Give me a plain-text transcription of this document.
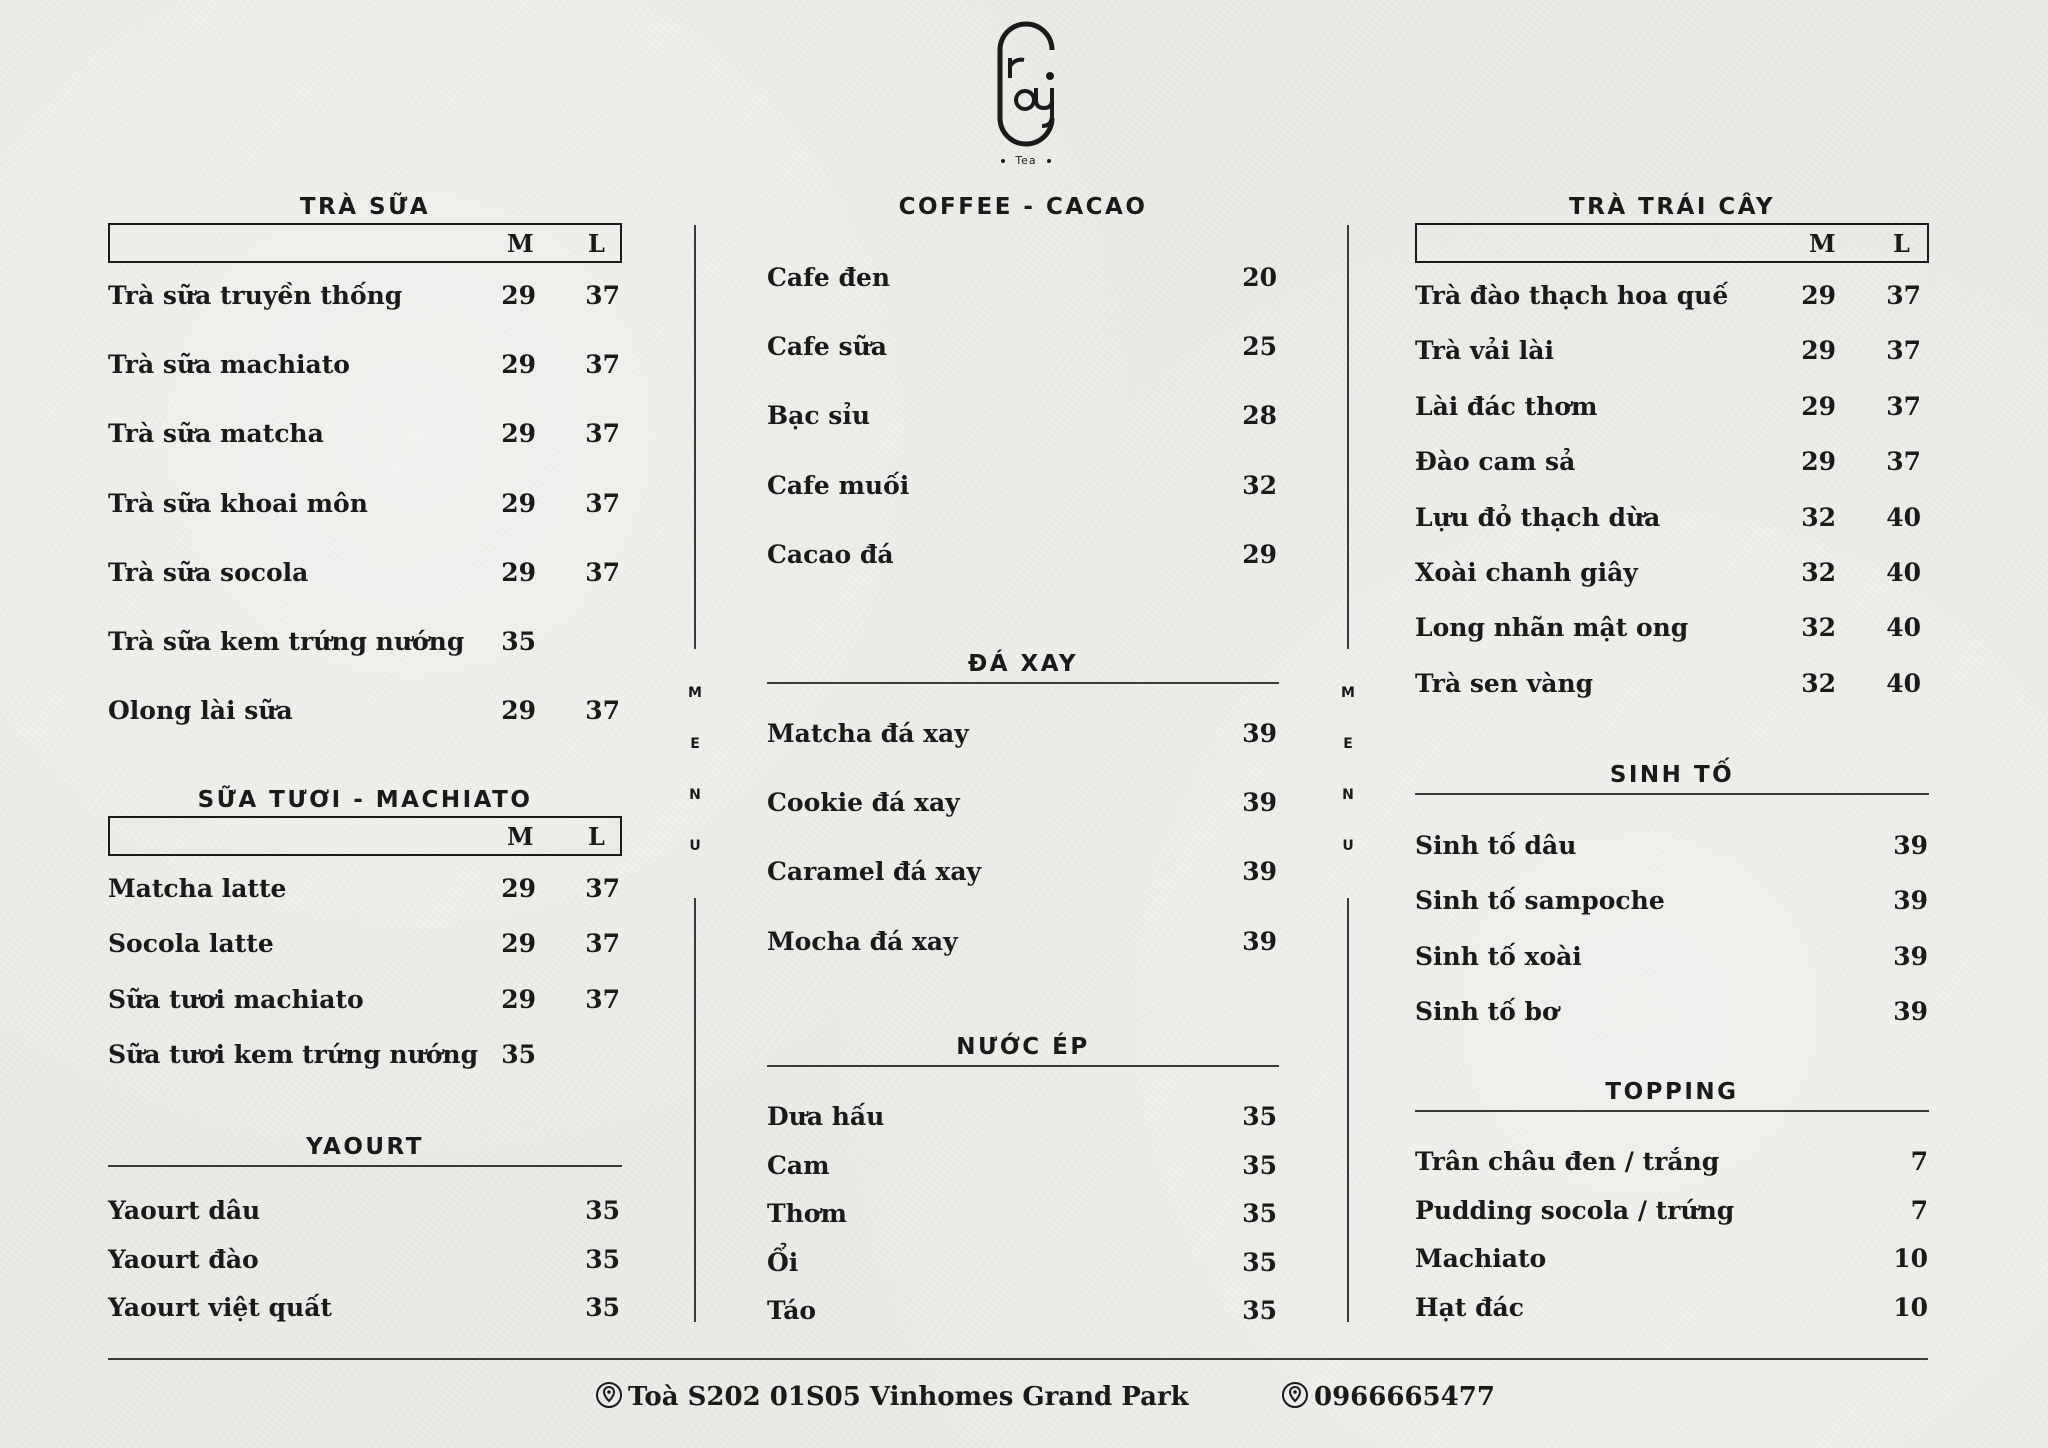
Tea
TRÀ SỮA
M L
Trà sữa truyền thống	29 37
Trà sữa machiato	29 37
Trà sữa matcha	29 37
Trà sữa khoai môn	29 37
Trà sữa socola	29 37
Trà sữa kem trứng nướng 35
Olong lài sữa	29 37
SỮA TƯƠI - MACHIATO
M L
Matcha latte	29 37
Socola latte	29 37
Sữa tươi machiato	29 37
Sữa tươi kem trứng nướng 35
YAOURT
Yaourt dâu	35
Yaourt đào	35
Yaourt việt quất	35
M
E
N
U
M
E
N
U
COFFEE - CACAO
Cafe đen	20
Cafe sữa	25
Bạc sỉu	28
Cafe muối	32
Cacao đá	29
ĐÁ XAY
Matcha đá xay	39
Cookie đá xay	39
Caramel đá xay	39
Mocha đá xay	39
NƯỚC ÉP
Dưa hấu	35
Cam	35
Thơm	35
Ổi	35
Táo	35
TRÀ TRÁI CÂY
M L
Trà đào thạch hoa quế	29 37
Trà vải lài	29 37
Lài đác thơm	29 37
Đào cam sả	29 37
Lựu đỏ thạch dừa	32 40
Xoài chanh giây	32 40
Long nhãn mật ong	32 40
Trà sen vàng	32 40
SINH TỐ
Sinh tố dâu	39
Sinh tố sampoche	39
Sinh tố xoài	39
Sinh tố bơ	39
TOPPING
Trân châu đen / trắng	7
Pudding socola / trứng	7
Machiato	10
Hạt đác	10
Toà S202 01S05 Vinhomes Grand Park	0966665477
